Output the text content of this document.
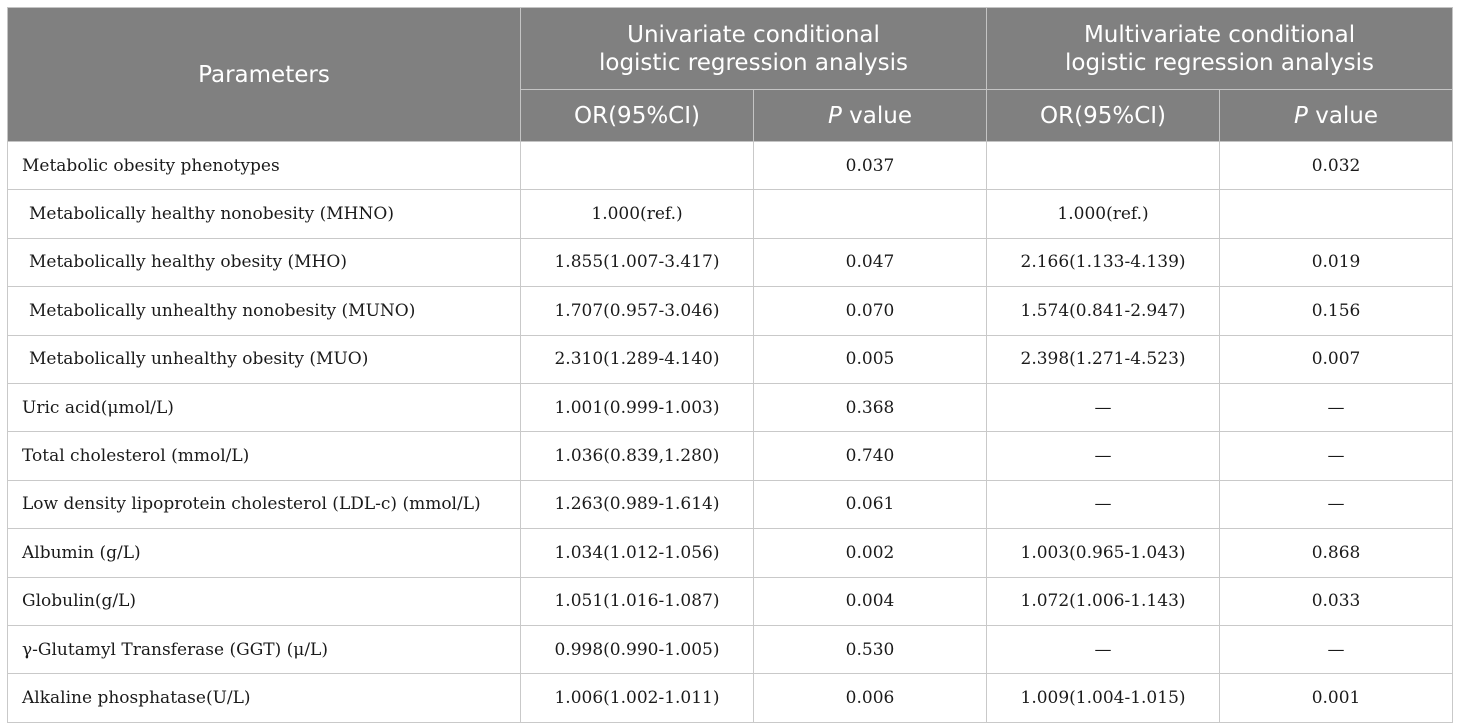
Parameters	Univariate conditional
logistic regression analysis		Multivariate conditional
logistic regression analysis	
	OR(95%CI)	P value	OR(95%CI)	P value
Metabolic obesity phenotypes		0.037		0.032
Metabolically healthy nonobesity (MHNO)	1.000(ref.)		1.000(ref.)	
Metabolically healthy obesity (MHO)	1.855(1.007-3.417)	0.047	2.166(1.133-4.139)	0.019
Metabolically unhealthy nonobesity (MUNO)	1.707(0.957-3.046)	0.070	1.574(0.841-2.947)	0.156
Metabolically unhealthy obesity (MUO)	2.310(1.289-4.140)	0.005	2.398(1.271-4.523)	0.007
Uric acid(μmol/L)	1.001(0.999-1.003)	0.368	—	—
Total cholesterol (mmol/L)	1.036(0.839,1.280)	0.740	—	—
Low density lipoprotein cholesterol (LDL-c) (mmol/L)	1.263(0.989-1.614)	0.061	—	—
Albumin (g/L)	1.034(1.012-1.056)	0.002	1.003(0.965-1.043)	0.868
Globulin(g/L)	1.051(1.016-1.087)	0.004	1.072(1.006-1.143)	0.033
γ-Glutamyl Transferase (GGT) (μ/L)	0.998(0.990-1.005)	0.530	—	—
Alkaline phosphatase(U/L)	1.006(1.002-1.011)	0.006	1.009(1.004-1.015)	0.001
